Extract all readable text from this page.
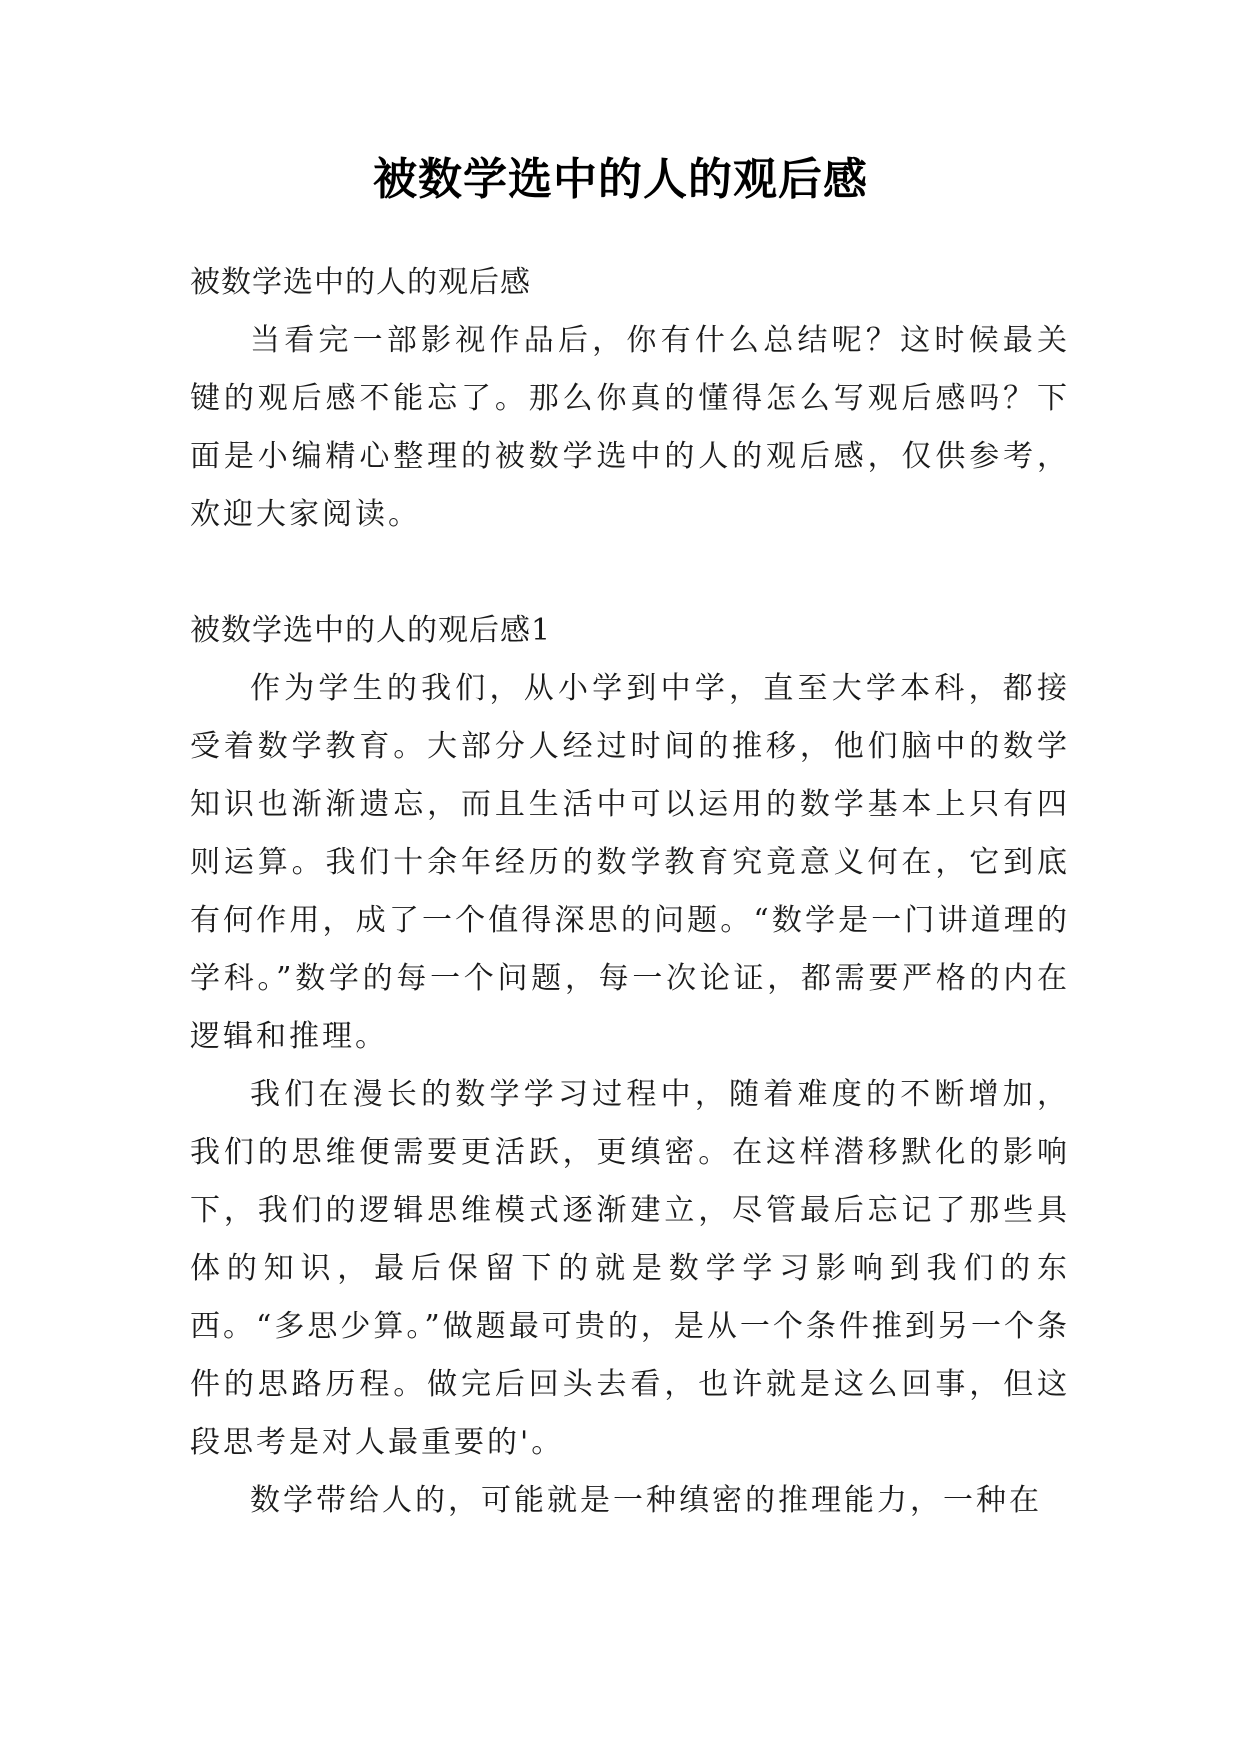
被数学选中的人的观后感

被数学选中的人的观后感

当看完一部影视作品后，你有什么总结呢？这时候最关键的观后感不能忘了。那么你真的懂得怎么写观后感吗？下面是小编精心整理的被数学选中的人的观后感，仅供参考，欢迎大家阅读。

被数学选中的人的观后感1

作为学生的我们，从小学到中学，直至大学本科，都接受着数学教育。大部分人经过时间的推移，他们脑中的数学知识也渐渐遗忘，而且生活中可以运用的数学基本上只有四则运算。我们十余年经历的数学教育究竟意义何在，它到底有何作用，成了一个值得深思的问题。“数学是一门讲道理的学科。”数学的每一个问题，每一次论证，都需要严格的内在逻辑和推理。

我们在漫长的数学学习过程中，随着难度的不断增加，我们的思维便需要更活跃，更缜密。在这样潜移默化的影响下，我们的逻辑思维模式逐渐建立，尽管最后忘记了那些具体的知识，最后保留下的就是数学学习影响到我们的东西。“多思少算。”做题最可贵的，是从一个条件推到另一个条件的思路历程。做完后回头去看，也许就是这么回事，但这段思考是对人最重要的'。

数学带给人的，可能就是一种缜密的推理能力，一种在
